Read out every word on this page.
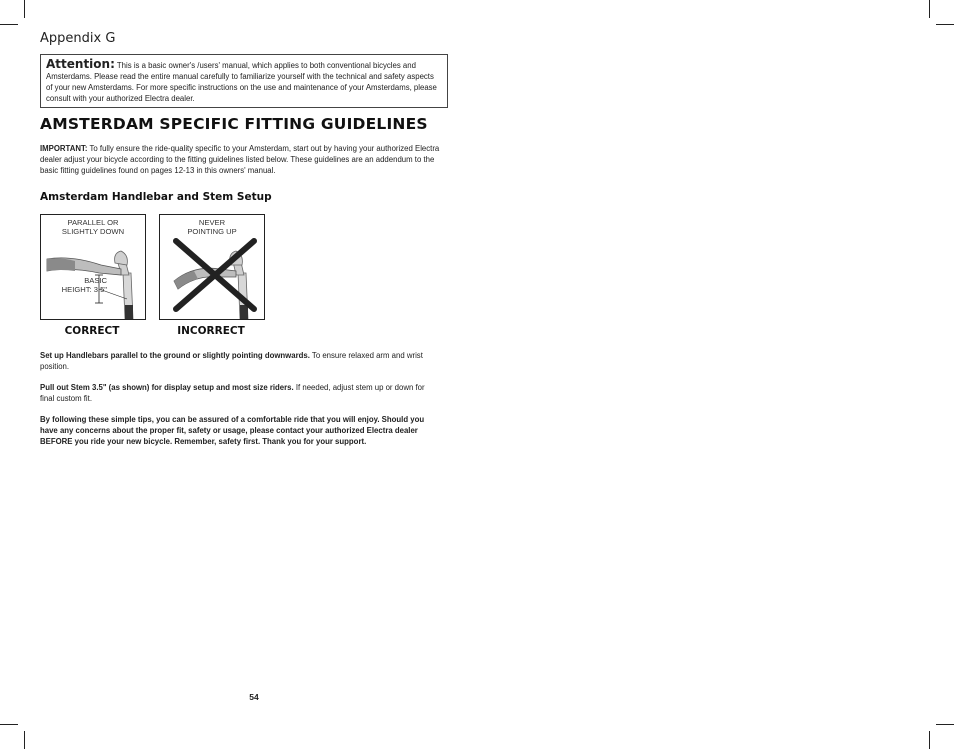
Appendix G
Attention: This is a basic owner's /users' manual, which applies to both conventional bicycles and Amsterdams. Please read the entire manual carefully to familiarize yourself with the technical and safety aspects of your new Amsterdams. For more specific instructions on the use and maintenance of your Amsterdams, please consult with your authorized Electra dealer.
AMSTERDAM SPECIFIC FITTING GUIDELINES
IMPORTANT: To fully ensure the ride-quality specific to your Amsterdam, start out by having your authorized Electra dealer adjust your bicycle according to the fitting guidelines listed below. These guidelines are an addendum to the basic fitting guidelines found on pages 12-13 in this owners' manual.
Amsterdam Handlebar and Stem Setup
PARALLEL OR
SLIGHTLY DOWN
BASIC
HEIGHT: 3.5"
NEVER
POINTING UP
CORRECT	INCORRECT
Set up Handlebars parallel to the ground or slightly pointing downwards. To ensure relaxed arm and wrist position.
Pull out Stem 3.5" (as shown) for display setup and most size riders. If needed, adjust stem up or down for final custom fit.
By following these simple tips, you can be assured of a comfortable ride that you will enjoy. Should you have any concerns about the proper fit, safety or usage, please contact your authorized Electra dealer BEFORE you ride your new bicycle. Remember, safety first. Thank you for your support.
54
